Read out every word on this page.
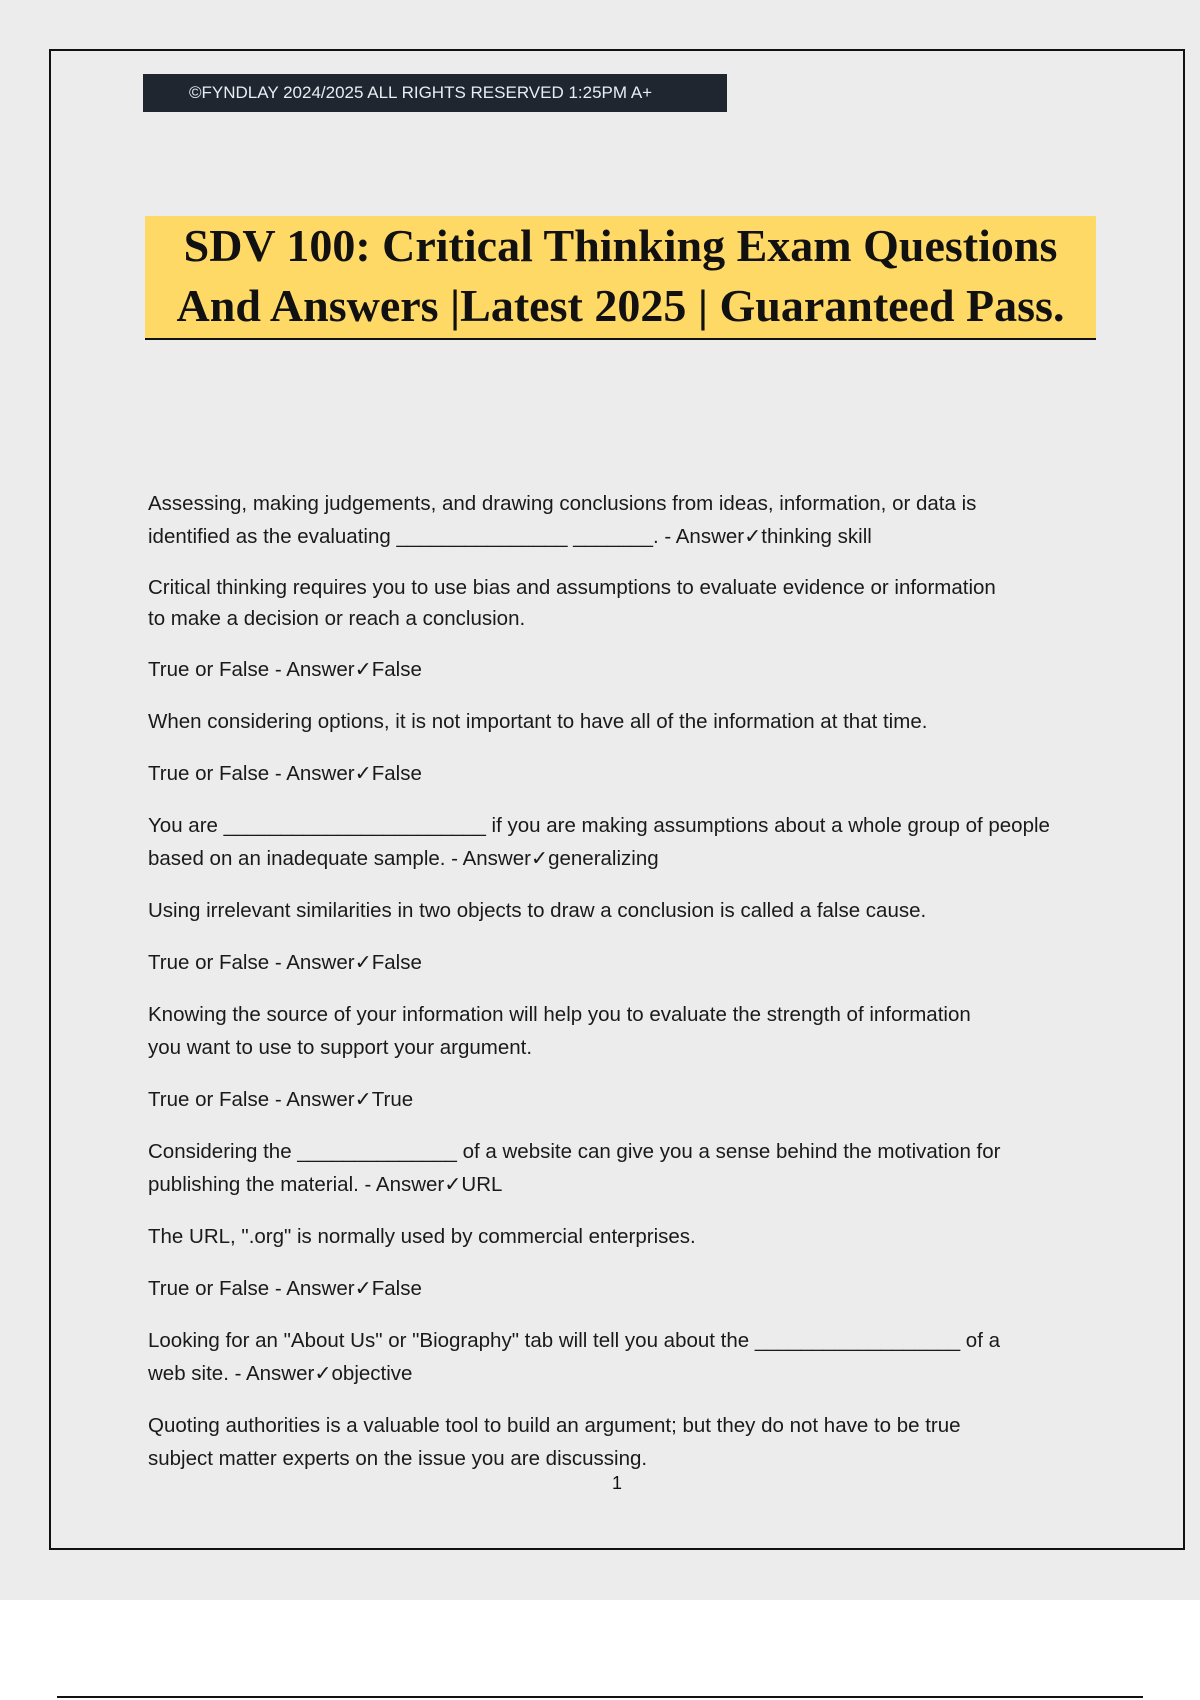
©FYNDLAY 2024/2025 ALL RIGHTS RESERVED 1:25PM A+
SDV 100: Critical Thinking Exam Questions
And Answers |Latest 2025 | Guaranteed Pass.
Assessing, making judgements, and drawing conclusions from ideas, information, or data is
identified as the evaluating _______________ _______. - Answer✓thinking skill
Critical thinking requires you to use bias and assumptions to evaluate evidence or information
to make a decision or reach a conclusion.
True or False - Answer✓False
When considering options, it is not important to have all of the information at that time.
True or False - Answer✓False
You are _______________________ if you are making assumptions about a whole group of people
based on an inadequate sample. - Answer✓generalizing
Using irrelevant similarities in two objects to draw a conclusion is called a false cause.
True or False - Answer✓False
Knowing the source of your information will help you to evaluate the strength of information
you want to use to support your argument.
True or False - Answer✓True
Considering the ______________ of a website can give you a sense behind the motivation for
publishing the material. - Answer✓URL
The URL, ".org" is normally used by commercial enterprises.
True or False - Answer✓False
Looking for an "About Us" or "Biography" tab will tell you about the __________________ of a
web site. - Answer✓objective
Quoting authorities is a valuable tool to build an argument; but they do not have to be true
subject matter experts on the issue you are discussing.
1
